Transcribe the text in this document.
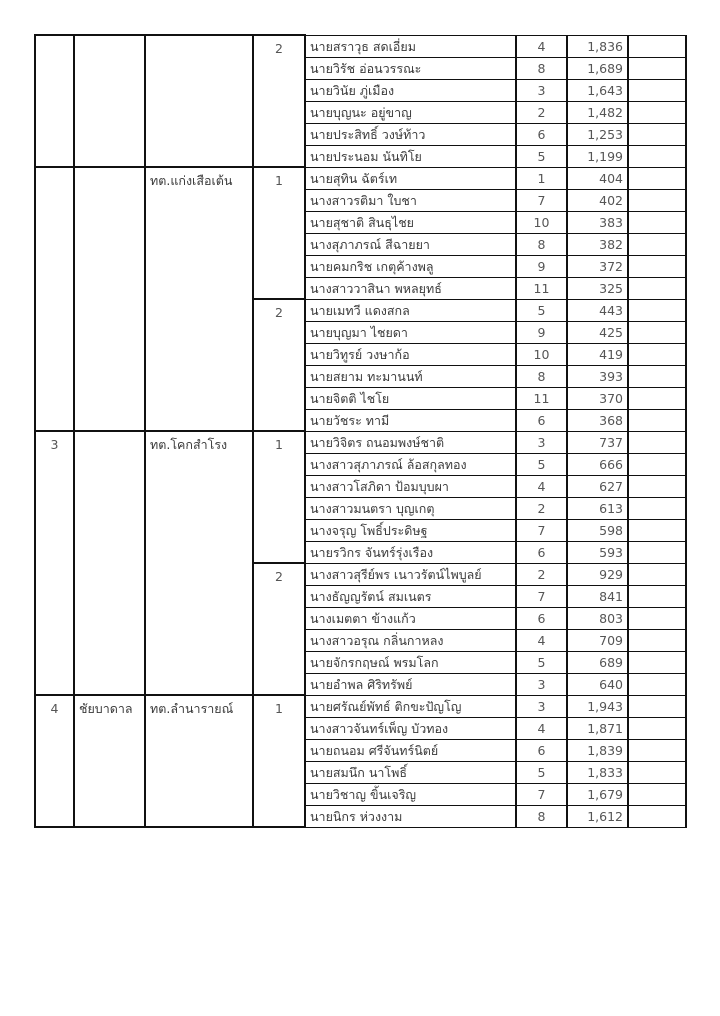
			2	นายสราวุธ สดเอี่ยม	4	1,836	
				นายวิรัช อ่อนวรรณะ	8	1,689	
				นายวินัย ภู่เมือง	3	1,643	
				นายบุญนะ อยู่ขาญ	2	1,482	
				นายประสิทธิ์ วงษ์ท้าว	6	1,253	
				นายประนอม นันทิโย	5	1,199	
		ทต.แก่งเสือเต้น	1	นายสุทิน ฉัตร์เท	1	404	
				นางสาวรติมา ใบชา	7	402	
				นายสุชาติ สินธุไชย	10	383	
				นางสุภาภรณ์ สีฉายยา	8	382	
				นายคมกริช เกตุค้างพลู	9	372	
				นางสาววาสินา พหลยุทธ์	11	325	
			2	นายเมทวี แดงสกล	5	443	
				นายบุญมา ไชยดา	9	425	
				นายวิทูรย์ วงษาก้อ	10	419	
				นายสยาม ทะมานนท์	8	393	
				นายจิตติ ไชโย	11	370	
				นายวัชระ ทามี	6	368	
3		ทต.โคกสำโรง	1	นายวิจิตร ถนอมพงษ์ชาติ	3	737	
				นางสาวสุภาภรณ์ ล้อสกุลทอง	5	666	
				นางสาวโสภิดา ป้อมบุบผา	4	627	
				นางสาวมนตรา บุญเกตุ	2	613	
				นางจรุญ โพธิ์ประดิษฐ	7	598	
				นายรวิกร จันทร์รุ่งเรือง	6	593	
			2	นางสาวสุรีย์พร เนาวรัตน์ไพบูลย์	2	929	
				นางธัญญรัตน์ สมเนตร	7	841	
				นางเมตตา ข้างแก้ว	6	803	
				นางสาวอรุณ กลิ่นกาหลง	4	709	
				นายจักรกฤษณ์ พรมโลก	5	689	
				นายอำพล ศิริทรัพย์	3	640	
4	ชัยบาดาล	ทต.ลำนารายณ์	1	นายศรัณย์พัทธ์ ติกขะปัญโญ	3	1,943	
				นางสาวจันทร์เพ็ญ บัวทอง	4	1,871	
				นายถนอม ศรีจันทร์นิตย์	6	1,839	
				นายสมนึก นาโพธิ์	5	1,833	
				นายวิชาญ ขิ้นเจริญ	7	1,679	
				นายนิกร ห่วงงาม	8	1,612	
